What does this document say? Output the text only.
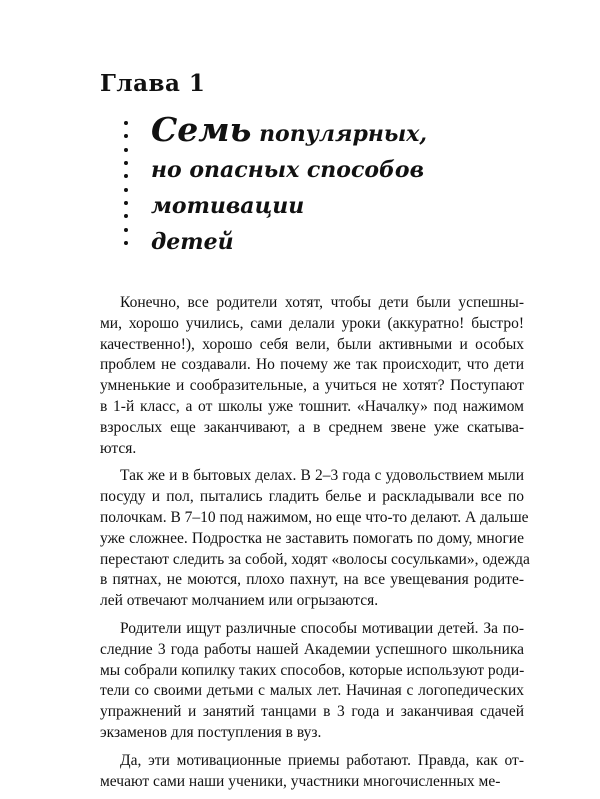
Глава 1
Семь популярных,
но опасных способов
мотивации
детей

Конечно, все родители хотят, чтобы дети были успешны-
ми, хорошо учились, сами делали уроки (аккуратно! быстро!
качественно!), хорошо себя вели, были активными и особых
проблем не создавали. Но почему же так происходит, что дети
умненькие и сообразительные, а учиться не хотят? Поступают
в 1-й класс, а от школы уже тошнит. «Началку» под нажимом
взрослых еще заканчивают, а в среднем звене уже скатыва-
ются.

Так же и в бытовых делах. В 2–3 года с удовольствием мыли
посуду и пол, пытались гладить белье и раскладывали все по
полочкам. В 7–10 под нажимом, но еще что-то делают. А дальше
уже сложнее. Подростка не заставить помогать по дому, многие
перестают следить за собой, ходят «волосы сосульками», одежда
в пятнах, не моются, плохо пахнут, на все увещевания родите-
лей отвечают молчанием или огрызаются.

Родители ищут различные способы мотивации детей. За по-
следние 3 года работы нашей Академии успешного школьника
мы собрали копилку таких способов, которые используют роди-
тели со своими детьми с малых лет. Начиная с логопедических
упражнений и занятий танцами в 3 года и заканчивая сдачей
экзаменов для поступления в вуз.

Да, эти мотивационные приемы работают. Правда, как от-
мечают сами наши ученики, участники многочисленных ме-
